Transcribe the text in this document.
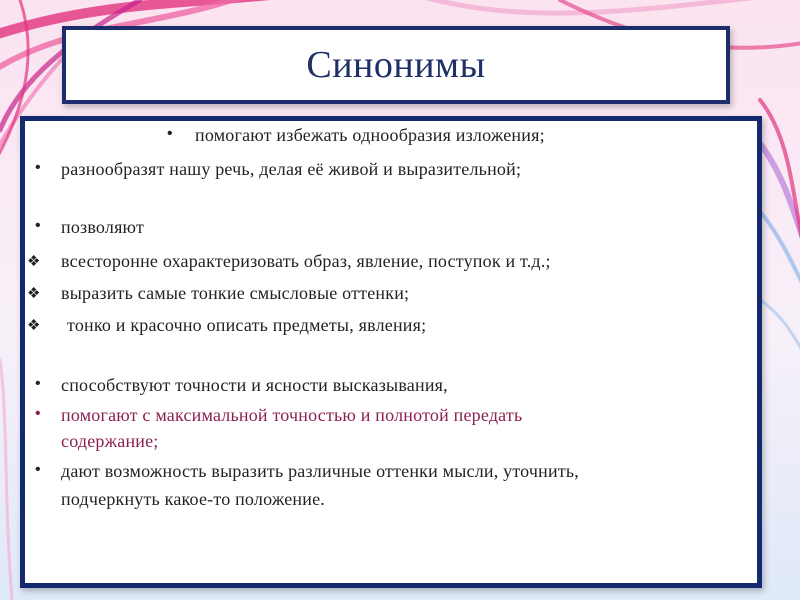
Синонимы
• помогают избежать однообразия изложения;
• разнообразят нашу речь, делая её живой и выразительной;
• позволяют
❖ всесторонне охарактеризовать образ, явление, поступок и т.д.;
❖ выразить самые тонкие смысловые оттенки;
❖ тонко и красочно описать предметы, явления;
• способствуют точности и ясности высказывания,
• помогают с максимальной точностью и полнотой передать
содержание;
• дают возможность выразить различные оттенки мысли, уточнить,
подчеркнуть какое-то положение.
